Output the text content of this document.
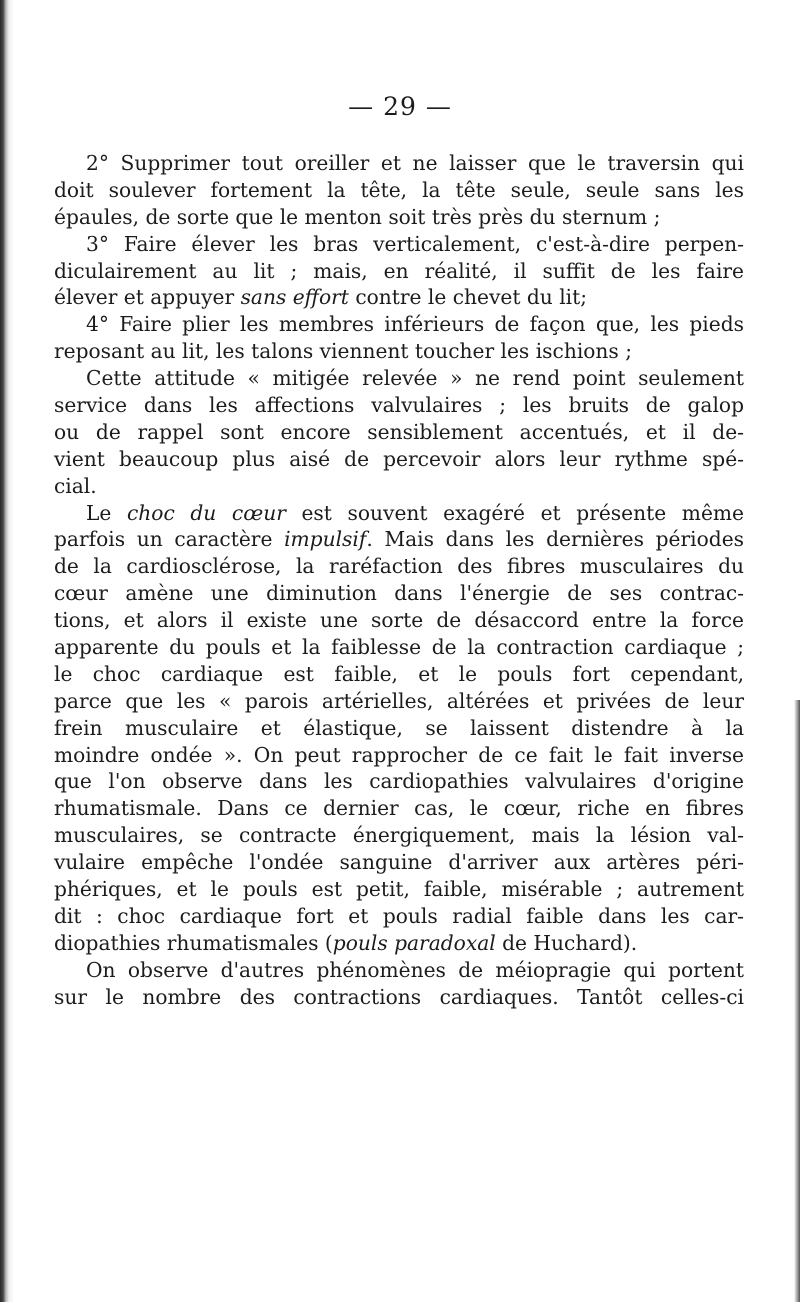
— 29 —
2° Supprimer tout oreiller et ne laisser que le traversin qui
doit soulever fortement la tête, la tête seule, seule sans les
épaules, de sorte que le menton soit très près du sternum ;
3° Faire élever les bras verticalement, c'est-à-dire perpen-
diculairement au lit ; mais, en réalité, il suffit de les faire
élever et appuyer sans effort contre le chevet du lit;
4° Faire plier les membres inférieurs de façon que, les pieds
reposant au lit, les talons viennent toucher les ischions ;
Cette attitude « mitigée relevée » ne rend point seulement
service dans les affections valvulaires ; les bruits de galop
ou de rappel sont encore sensiblement accentués, et il de-
vient beaucoup plus aisé de percevoir alors leur rythme spé-
cial.
Le choc du cœur est souvent exagéré et présente même
parfois un caractère impulsif. Mais dans les dernières périodes
de la cardiosclérose, la raréfaction des fibres musculaires du
cœur amène une diminution dans l'énergie de ses contrac-
tions, et alors il existe une sorte de désaccord entre la force
apparente du pouls et la faiblesse de la contraction cardiaque ;
le choc cardiaque est faible, et le pouls fort cependant,
parce que les « parois artérielles, altérées et privées de leur
frein musculaire et élastique, se laissent distendre à la
moindre ondée ». On peut rapprocher de ce fait le fait inverse
que l'on observe dans les cardiopathies valvulaires d'origine
rhumatismale. Dans ce dernier cas, le cœur, riche en fibres
musculaires, se contracte énergiquement, mais la lésion val-
vulaire empêche l'ondée sanguine d'arriver aux artères péri-
phériques, et le pouls est petit, faible, misérable ; autrement
dit : choc cardiaque fort et pouls radial faible dans les car-
diopathies rhumatismales (pouls paradoxal de Huchard).
On observe d'autres phénomènes de méiopragie qui portent
sur le nombre des contractions cardiaques. Tantôt celles-ci
